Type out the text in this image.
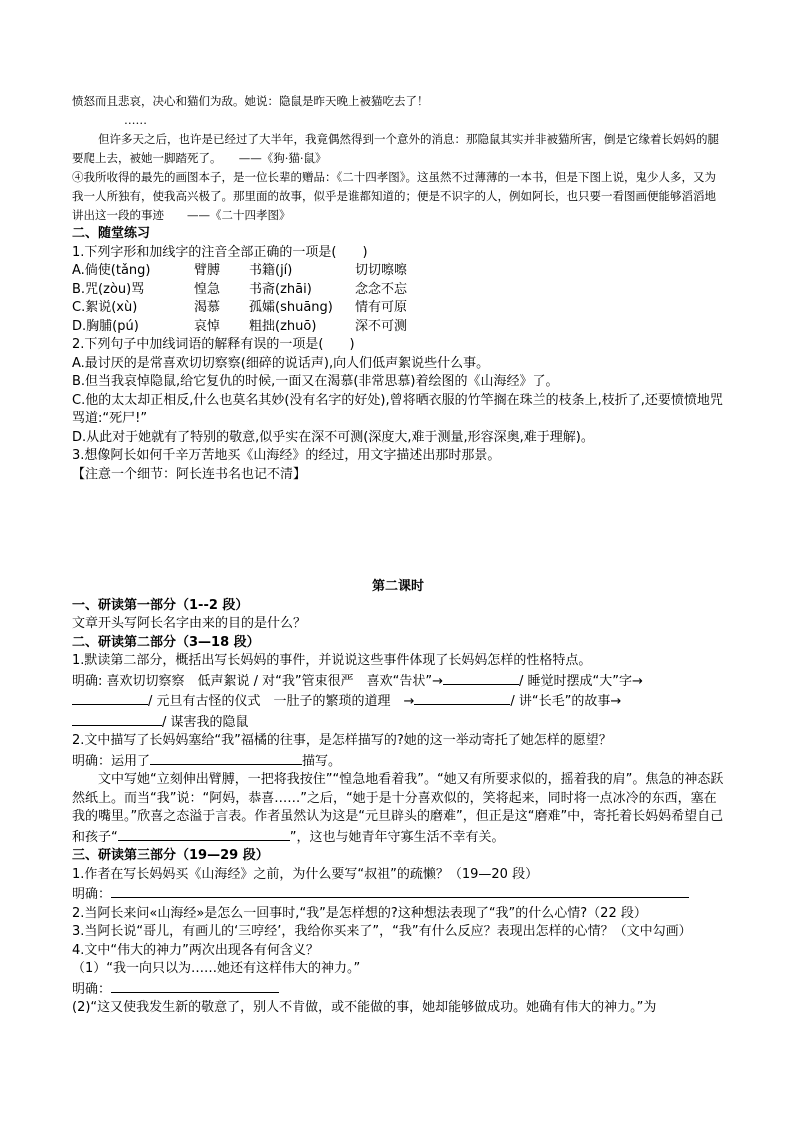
愤怒而且悲哀，决心和猫们为敌。她说：隐鼠是昨天晚上被猫吃去了！

……

但许多天之后，也许是已经过了大半年，我竟偶然得到一个意外的消息：那隐鼠其实并非被猫所害，倒是它缘着长妈妈的腿要爬上去，被她一脚踏死了。　　——《狗·猫·鼠》

④我所收得的最先的画图本子，是一位长辈的赠品：《二十四孝图》。这虽然不过薄薄的一本书，但是下图上说，鬼少人多，又为我一人所独有，使我高兴极了。那里面的故事，似乎是谁都知道的；便是不识字的人，例如阿长，也只要一看图画便能够滔滔地讲出这一段的事迹　　——《二十四孝图》

二、随堂练习

1.下列字形和加线字的注音全部正确的一项是(　　)

A.倘使(tǎng)	臂膊	书籍(jí)	切切嚓嚓
B.咒(zòu)骂	惶急	书斋(zhāi)	念念不忘
C.絮说(xù)	渴慕	孤孀(shuāng)	情有可原
D.胸脯(pú)	哀悼	粗拙(zhuō)	深不可测

2.下列句子中加线词语的解释有误的一项是(　　)

A.最讨厌的是常喜欢切切察察(细碎的说话声),向人们低声絮说些什么事。

B.但当我哀悼隐鼠,给它复仇的时候,一面又在渴慕(非常思慕)着绘图的《山海经》了。

C.他的太太却正相反,什么也莫名其妙(没有名字的好处),曾将晒衣服的竹竿搁在珠兰的枝条上,枝折了,还要愤愤地咒骂道:“死尸!”

D.从此对于她就有了特别的敬意,似乎实在深不可测(深度大,难于测量,形容深奥,难于理解)。

3.想像阿长如何千辛万苦地买《山海经》的经过，用文字描述出那时那景。

【注意一个细节：阿长连书名也记不清】

第二课时

一、研读第一部分（1--2 段）

文章开头写阿长名字由来的目的是什么？

二、研读第二部分（3—18 段）

1.默读第二部分，概括出写长妈妈的事件，并说说这些事件体现了长妈妈怎样的性格特点。

明确: 喜欢切切察察　低声絮说 / 对“我”管束很严　喜欢“告状”→	/ 睡觉时摆成“大”字→

/ 元旦有古怪的仪式　一肚子的繁琐的道理　→	/ 讲“长毛”的故事→

/ 谋害我的隐鼠

2.文中描写了长妈妈塞给“我”福橘的往事，是怎样描写的?她的这一举动寄托了她怎样的愿望？

明确：运用了	描写。

文中写她“立刻伸出臂膊，一把将我按住”“惶急地看着我”。“她又有所要求似的，摇着我的肩”。焦急的神态跃然纸上。而当“我”说：“阿妈，恭喜……”之后，“她于是十分喜欢似的，笑将起来，同时将一点冰冷的东西，塞在我的嘴里。”欣喜之态溢于言表。作者虽然认为这是“元旦辟头的磨难”，但正是这“磨难”中，寄托着长妈妈希望自己和孩子“	”，这也与她青年守寡生活不幸有关。

三、研读第三部分（19—29 段）

1.作者在写长妈妈买《山海经》之前，为什么要写“叔祖”的疏懒？（19—20 段）

明确：

2.当阿长来问«山海经»是怎么一回事时,“我”是怎样想的?这种想法表现了“我”的什么心情?（22 段）

3.当阿长说“哥儿，有画儿的‘三哼经’，我给你买来了”，“我”有什么反应？表现出怎样的心情？（文中勾画）

4.文中“伟大的神力”两次出现各有何含义？

（1）“我一向只以为……她还有这样伟大的神力。”

明确：

(2)“这又使我发生新的敬意了，别人不肯做，或不能做的事，她却能够做成功。她确有伟大的神力。”为
